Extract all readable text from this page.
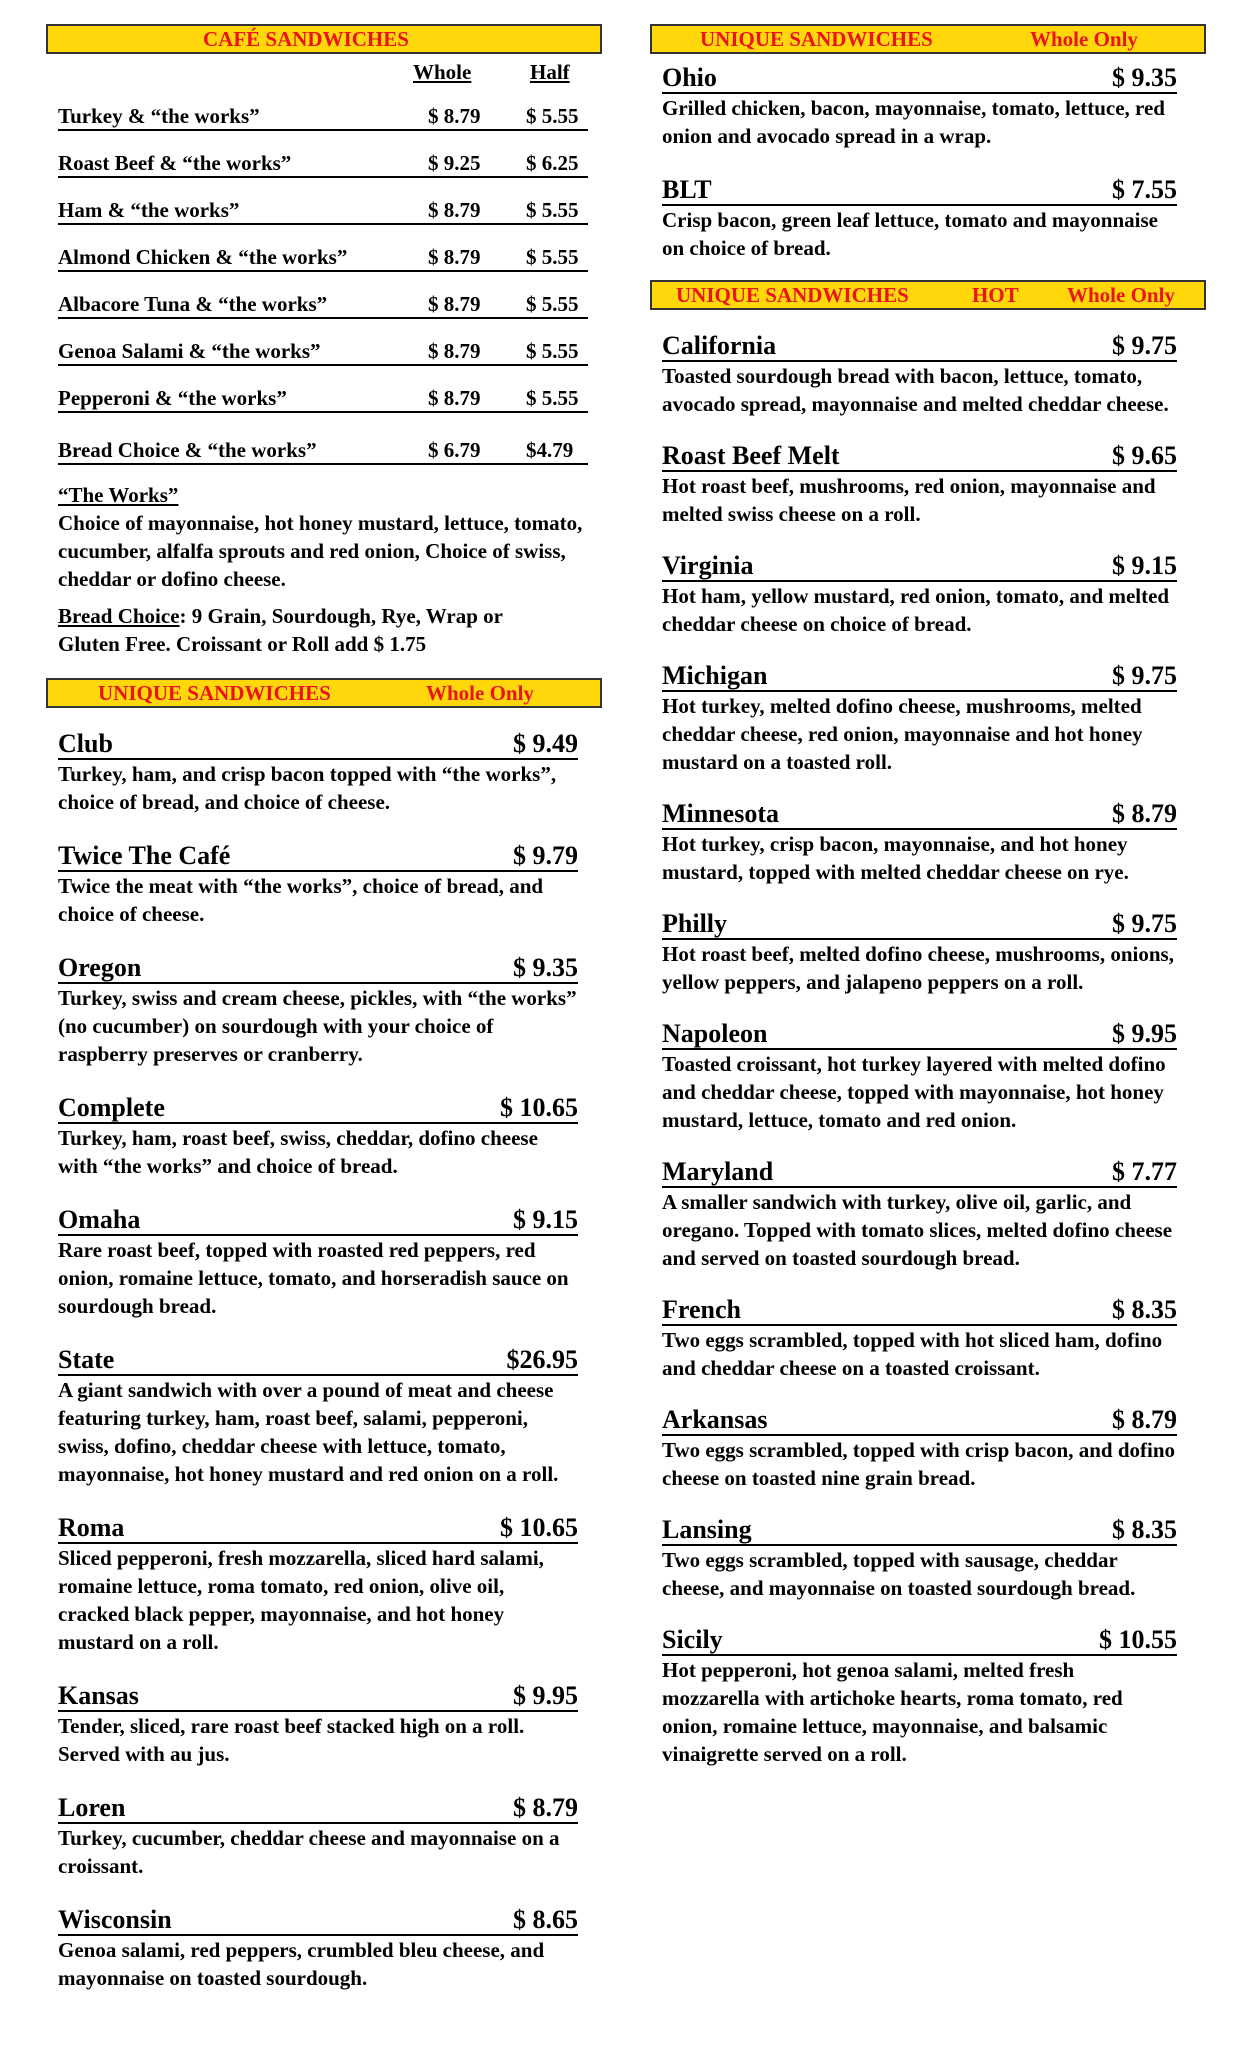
CAFÉ SANDWICHES
Whole	Half
Turkey & “the works”	$ 8.79 $ 5.55
Roast Beef & “the works”	$ 9.25 $ 6.25
Ham & “the works”	$ 8.79 $ 5.55
Almond Chicken & “the works”	$ 8.79 $ 5.55
Albacore Tuna & “the works”	$ 8.79 $ 5.55
Genoa Salami & “the works”	$ 8.79 $ 5.55
Pepperoni & “the works”	$ 8.79 $ 5.55
Bread Choice & “the works”	$ 6.79 $4.79
“The Works”
Choice of mayonnaise, hot honey mustard, lettuce, tomato, cucumber, alfalfa sprouts and red onion, Choice of swiss, cheddar or dofino cheese.
Bread Choice: 9 Grain, Sourdough, Rye, Wrap or
Gluten Free. Croissant or Roll add $ 1.75
UNIQUE SANDWICHES	Whole Only
Club	$ 9.49
Turkey, ham, and crisp bacon topped with “the works”, choice of bread, and choice of cheese.
Twice The Café	$ 9.79
Twice the meat with “the works”, choice of bread, and choice of cheese.
Oregon	$ 9.35
Turkey, swiss and cream cheese, pickles, with “the works” (no cucumber) on sourdough with your choice of raspberry preserves or cranberry.
Complete	$ 10.65
Turkey, ham, roast beef, swiss, cheddar, dofino cheese with “the works” and choice of bread.
Omaha	$ 9.15
Rare roast beef, topped with roasted red peppers, red onion, romaine lettuce, tomato, and horseradish sauce on sourdough bread.
State	$26.95
A giant sandwich with over a pound of meat and cheese featuring turkey, ham, roast beef, salami, pepperoni, swiss, dofino, cheddar cheese with lettuce, tomato, mayonnaise, hot honey mustard and red onion on a roll.
Roma	$ 10.65
Sliced pepperoni, fresh mozzarella, sliced hard salami, romaine lettuce, roma tomato, red onion, olive oil, cracked black pepper, mayonnaise, and hot honey mustard on a roll.
Kansas	$ 9.95
Tender, sliced, rare roast beef stacked high on a roll. Served with au jus.
Loren	$ 8.79
Turkey, cucumber, cheddar cheese and mayonnaise on a croissant.
Wisconsin	$ 8.65
Genoa salami, red peppers, crumbled bleu cheese, and mayonnaise on toasted sourdough.
UNIQUE SANDWICHES	Whole Only
Ohio	$ 9.35
Grilled chicken, bacon, mayonnaise, tomato, lettuce, red onion and avocado spread in a wrap.
BLT	$ 7.55
Crisp bacon, green leaf lettuce, tomato and mayonnaise on choice of bread.
UNIQUE SANDWICHES	HOT Whole Only
California	$ 9.75
Toasted sourdough bread with bacon, lettuce, tomato, avocado spread, mayonnaise and melted cheddar cheese.
Roast Beef Melt	$ 9.65
Hot roast beef, mushrooms, red onion, mayonnaise and melted swiss cheese on a roll.
Virginia	$ 9.15
Hot ham, yellow mustard, red onion, tomato, and melted cheddar cheese on choice of bread.
Michigan	$ 9.75
Hot turkey, melted dofino cheese, mushrooms, melted cheddar cheese, red onion, mayonnaise and hot honey mustard on a toasted roll.
Minnesota	$ 8.79
Hot turkey, crisp bacon, mayonnaise, and hot honey mustard, topped with melted cheddar cheese on rye.
Philly	$ 9.75
Hot roast beef, melted dofino cheese, mushrooms, onions, yellow peppers, and jalapeno peppers on a roll.
Napoleon	$ 9.95
Toasted croissant, hot turkey layered with melted dofino and cheddar cheese, topped with mayonnaise, hot honey mustard, lettuce, tomato and red onion.
Maryland	$ 7.77
A smaller sandwich with turkey, olive oil, garlic, and oregano. Topped with tomato slices, melted dofino cheese and served on toasted sourdough bread.
French	$ 8.35
Two eggs scrambled, topped with hot sliced ham, dofino and cheddar cheese on a toasted croissant.
Arkansas	$ 8.79
Two eggs scrambled, topped with crisp bacon, and dofino cheese on toasted nine grain bread.
Lansing	$ 8.35
Two eggs scrambled, topped with sausage, cheddar cheese, and mayonnaise on toasted sourdough bread.
Sicily	$ 10.55
Hot pepperoni, hot genoa salami, melted fresh mozzarella with artichoke hearts, roma tomato, red onion, romaine lettuce, mayonnaise, and balsamic vinaigrette served on a roll.
